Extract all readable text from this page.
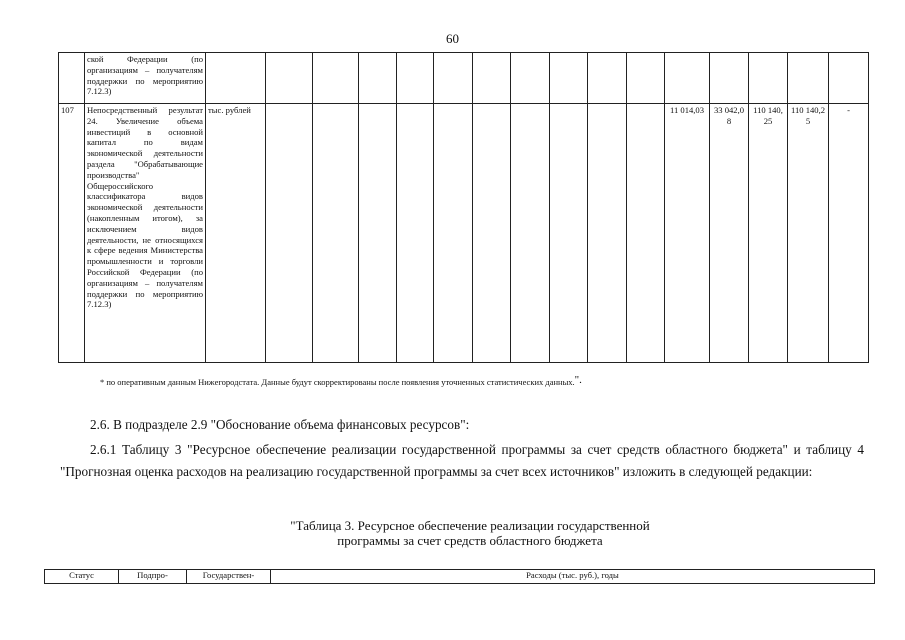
60
	ской Федерации (по организациям – получателям поддержки по мероприятию 7.12.3)																
107	Непосредственный результат 24. Увеличение объема инвестиций в основной капитал по видам экономической деятельности раздела "Обрабатывающие производства" Общероссийского классификатора видов экономической деятельности (накопленным итогом), за исключением видов деятельности, не относящихся к сфере ведения Министерства промышленности и торговли Российской Федерации (по организациям – получателям поддержки по мероприятию 7.12.3)	тыс. рублей											11 014,03	33 042,08	110 140,25	110 140,25	-
* по оперативным данным Нижегородстата. Данные будут скорректированы после появления уточненных статистических данных.".
2.6. В подразделе 2.9 "Обоснование объема финансовых ресурсов":
2.6.1 Таблицу 3 "Ресурсное обеспечение реализации государственной программы за счет средств областного бюджета" и таблицу 4 "Прогнозная оценка расходов на реализацию государственной программы за счет всех источников" изложить в следующей редакции:
"Таблица 3. Ресурсное обеспечение реализации государственной
программы за счет средств областного бюджета
Статус	Подпро-	Государствен-	Расходы (тыс. руб.), годы
